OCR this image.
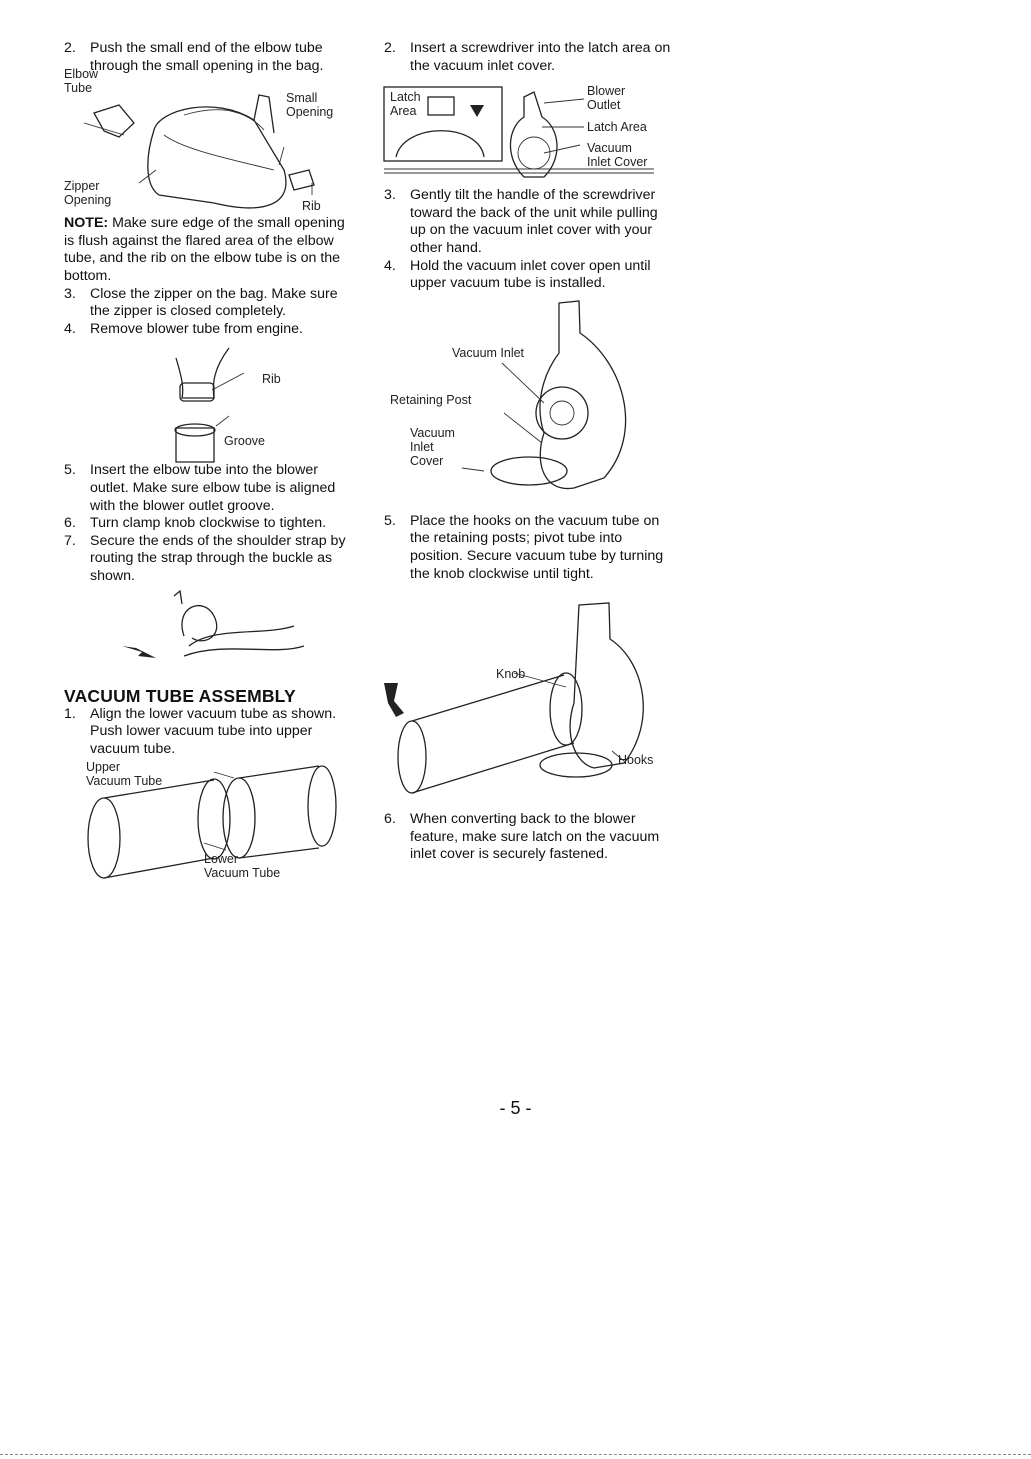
2. Push the small end of the elbow tube through the small opening in the bag.

Elbow
Tube
Small
Opening
Zipper
Opening	Rib

NOTE: Make sure edge of the small opening is flush against the flared area of the elbow tube, and the rib on the elbow tube is on the bottom.

3. Close the zipper on the bag. Make sure the zipper is closed completely.

4. Remove blower tube from engine.

Rib
Groove
5. Insert the elbow tube into the blower outlet. Make sure elbow tube is aligned with the blower outlet groove.

6. Turn clamp knob clockwise to tighten.

7. Secure the ends of the shoulder strap by routing the strap through the buckle as shown.

VACUUM TUBE ASSEMBLY
1. Align the lower vacuum tube as shown. Push lower vacuum tube into upper vacuum tube.

Upper
Vacuum Tube
Lower
Vacuum Tube
2. Insert a screwdriver into the latch area on the vacuum inlet cover.

Latch
Area
Blower
Outlet
Latch Area
Vacuum
Inlet Cover
3. Gently tilt the handle of the screwdriver toward the back of the unit while pulling up on the vacuum inlet cover with your other hand.

4. Hold the vacuum inlet cover open until upper vacuum tube is installed.

Vacuum Inlet
Retaining Post
Vacuum
Inlet
Cover
5. Place the hooks on the vacuum tube on the retaining posts; pivot tube into position. Secure vacuum tube by turning the knob clockwise until tight.

Knob
Hooks
6. When converting back to the blower feature, make sure latch on the vacuum inlet cover is securely fastened.

- 5 -
